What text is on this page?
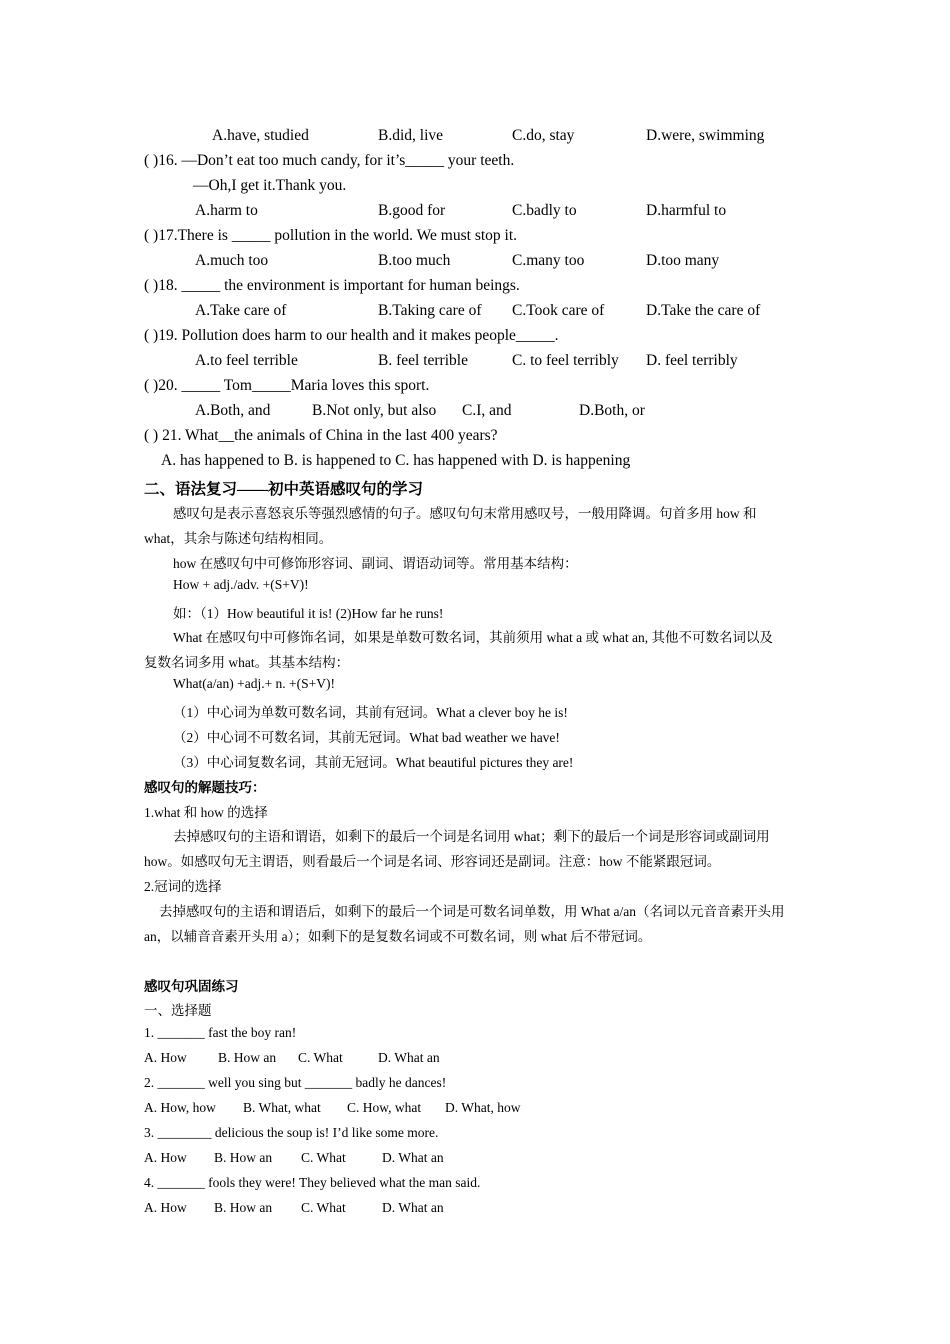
A.have, studied	B.did, live	C.do, stay	D.were, swimming
( )16. —Don’t eat too much candy, for it’s_____ your teeth.
—Oh,I get it.Thank you.
A.harm to	B.good for	C.badly to	D.harmful to
( )17.There is _____ pollution in the world. We must stop it.
A.much too	B.too much	C.many too	D.too many
( )18. _____ the environment is important for human beings.
A.Take care of	B.Taking care of C.Took care of	D.Take the care of
( )19. Pollution does harm to our health and it makes people_____.
A.to feel terrible	B. feel terrible	C. to feel terribly D. feel terribly
( )20. _____ Tom_____Maria loves this sport.
A.Both, and	B.Not only, but also C.I, and	D.Both, or
( ) 21. What__the animals of China in the last 400 years?
A. has happened to B. is happened to C. has happened with D. is happening
二、语法复习——初中英语感叹句的学习
感叹句是表示喜怒哀乐等强烈感情的句子。感叹句句末常用感叹号，一般用降调。句首多用 how 和
what，其余与陈述句结构相同。
how 在感叹句中可修饰形容词、副词、谓语动词等。常用基本结构：
How + adj./adv. +(S+V)!
如：（1）How beautiful it is! (2)How far he runs!
What 在感叹句中可修饰名词，如果是单数可数名词，其前须用 what a 或 what an, 其他不可数名词以及
复数名词多用 what。其基本结构：
What(a/an) +adj.+ n. +(S+V)!
（1）中心词为单数可数名词，其前有冠词。What a clever boy he is!
（2）中心词不可数名词，其前无冠词。What bad weather we have!
（3）中心词复数名词，其前无冠词。What beautiful pictures they are!
感叹句的解题技巧：
1.what 和 how 的选择
去掉感叹句的主语和谓语，如剩下的最后一个词是名词用 what；剩下的最后一个词是形容词或副词用
how。如感叹句无主谓语，则看最后一个词是名词、形容词还是副词。注意：how 不能紧跟冠词。
2.冠词的选择
去掉感叹句的主语和谓语后，如剩下的最后一个词是可数名词单数，用 What a/an（名词以元音音素开头用
an，以辅音音素开头用 a）；如剩下的是复数名词或不可数名词，则 what 后不带冠词。
感叹句巩固练习
一、选择题
1. _______ fast the boy ran!
A. How B. How an C. What	D. What an
2. _______ well you sing but _______ badly he dances!
A. How, how B. What, what C. How, what D. What, how
3. ________ delicious the soup is! I’d like some more.
A. How B. How an C. What	D. What an
4. _______ fools they were! They believed what the man said.
A. How B. How an C. What	D. What an
